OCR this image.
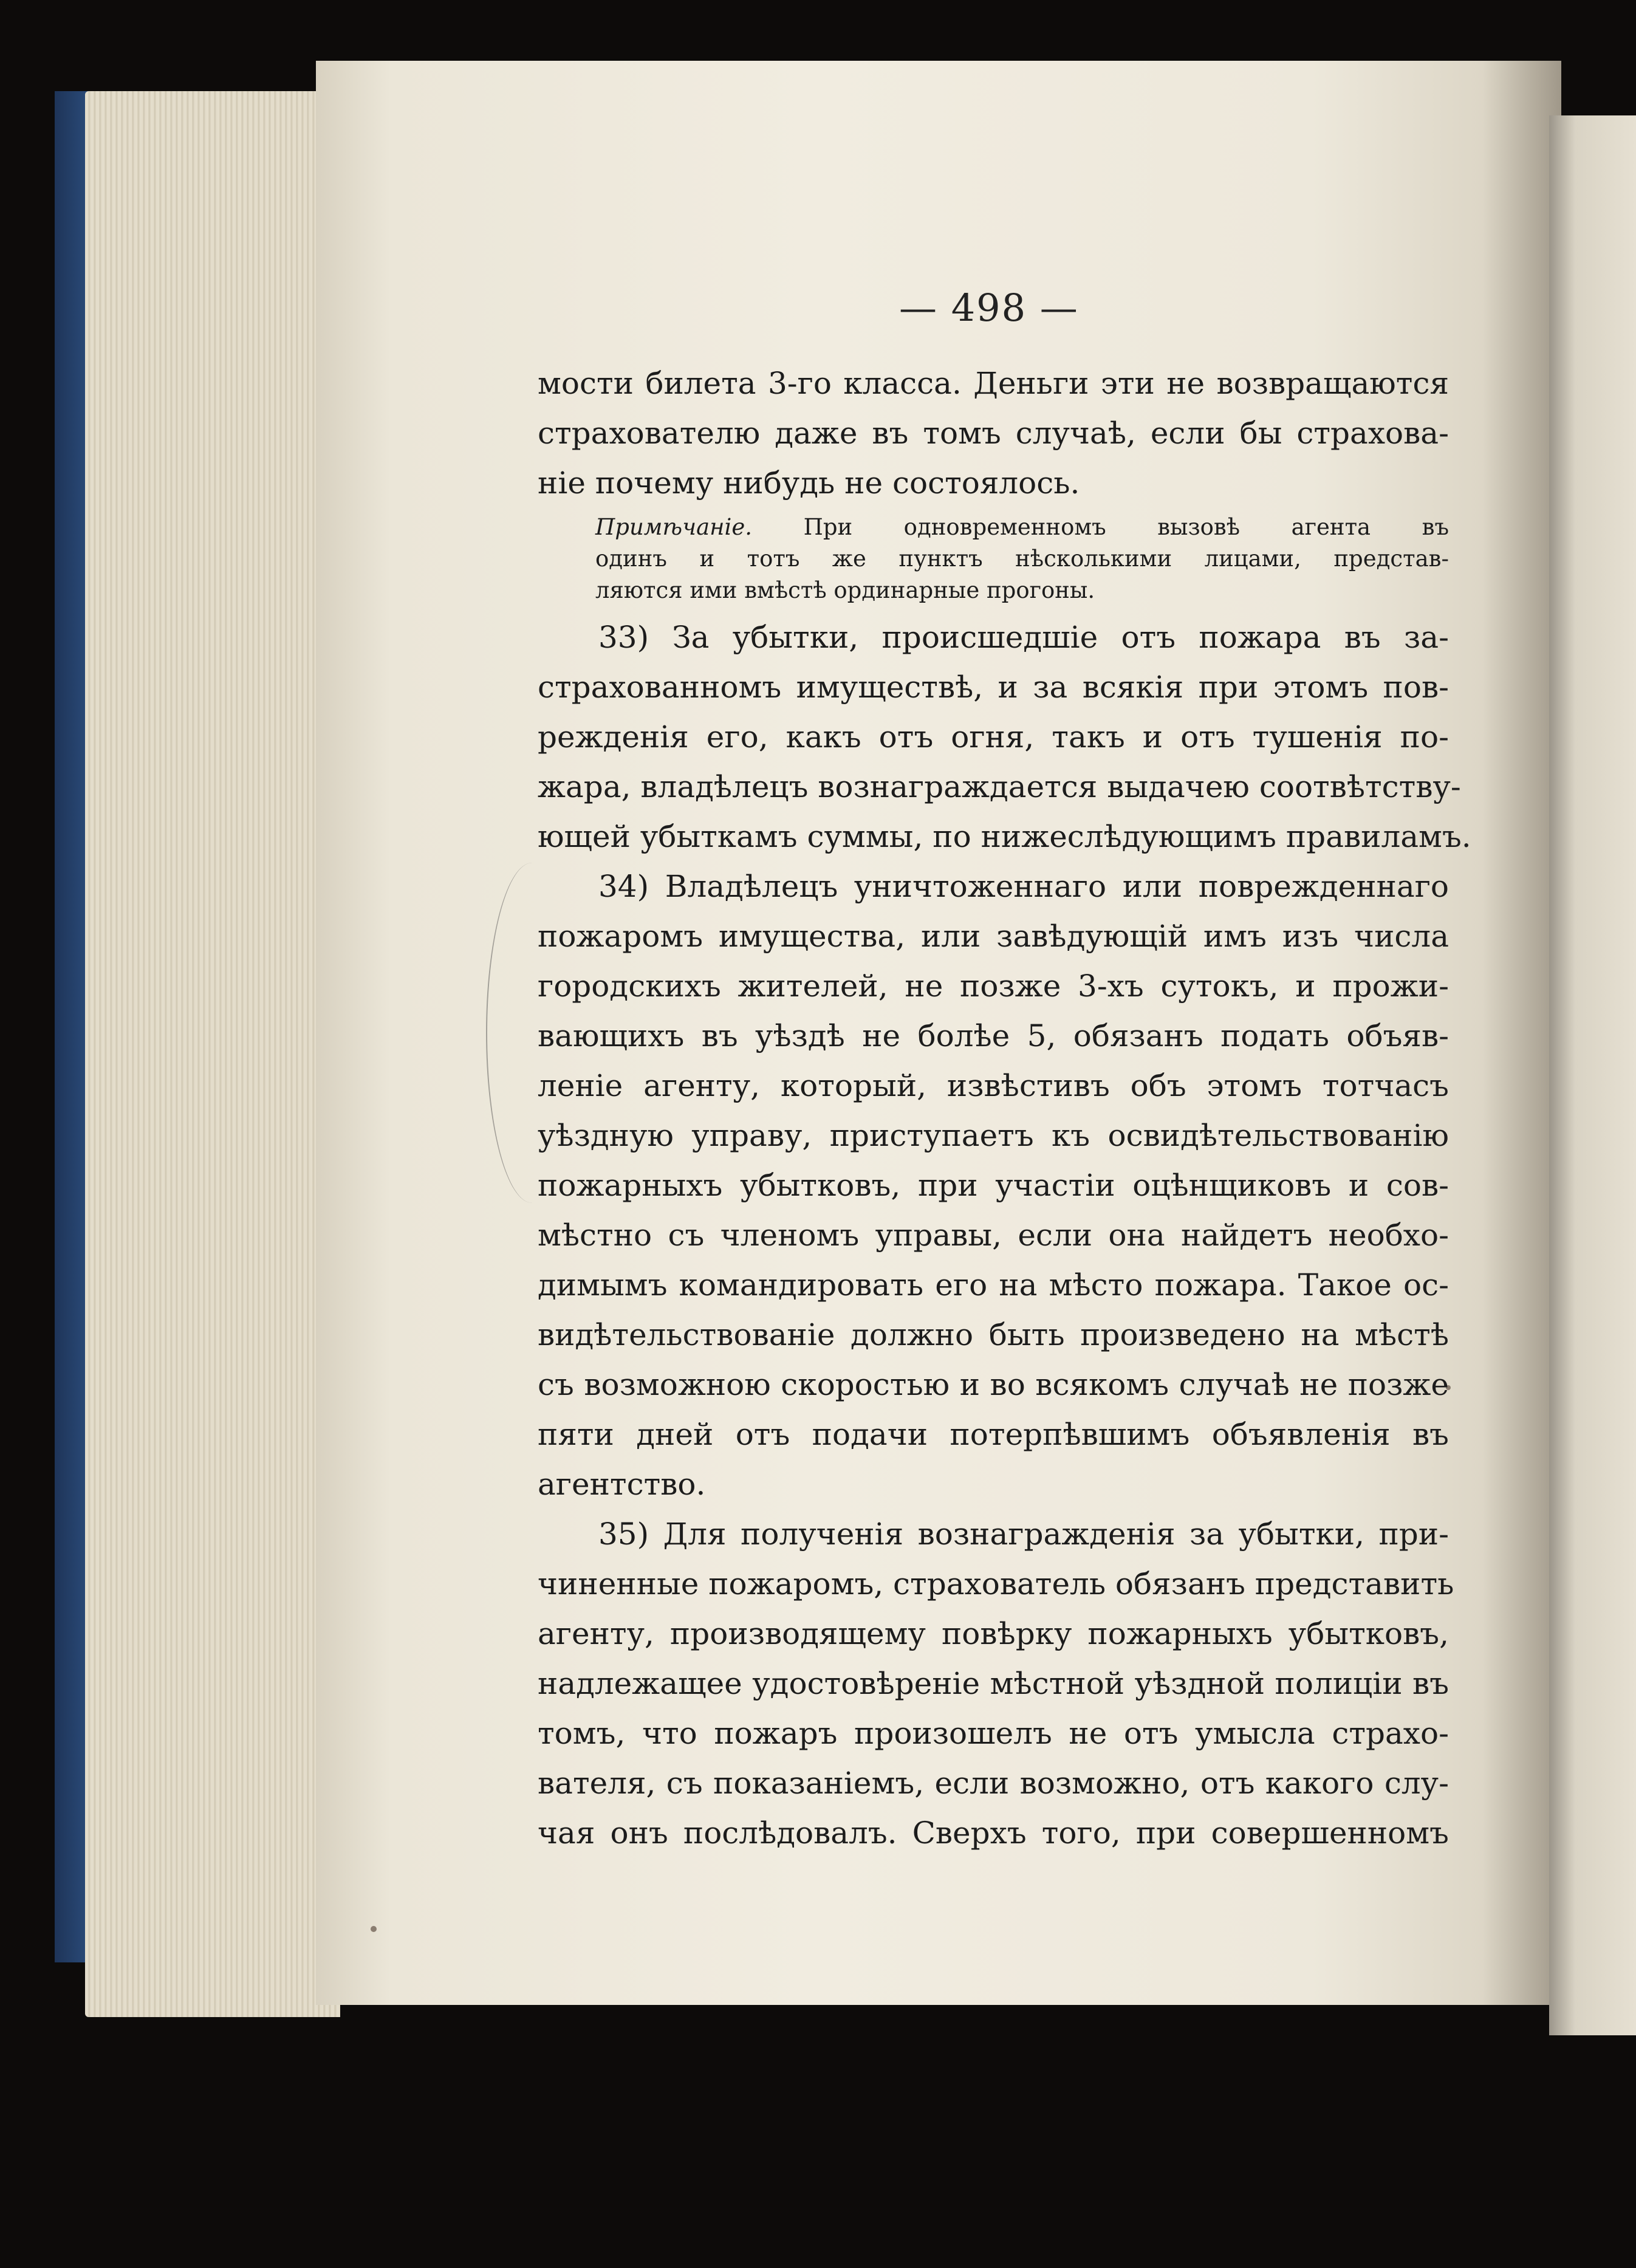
— 498 —
мости билета 3-го класса. Деньги эти не возвращаются
страхователю даже въ томъ случаѣ, если бы страхова-
нiе почему нибудь не состоялось.
Примѣчанiе. При одновременномъ вызовѣ агента въ
одинъ и тотъ же пунктъ нѣсколькими лицами, представ-
ляются ими вмѣстѣ ординарные прогоны.
33) За убытки, происшедшiе отъ пожара въ за-
страхованномъ имуществѣ, и за всякiя при этомъ пов-
режденiя его, какъ отъ огня, такъ и отъ тушенiя по-
жара, владѣлецъ вознаграждается выдачею соотвѣтству-
ющей убыткамъ суммы, по нижеслѣдующимъ правиламъ.
34) Владѣлецъ уничтоженнаго или поврежденнаго
пожаромъ имущества, или завѣдующiй имъ изъ числа
городскихъ жителей, не позже 3-хъ сутокъ, и прожи-
вающихъ въ уѣздѣ не болѣе 5, обязанъ подать объяв-
ленiе агенту, который, извѣстивъ объ этомъ тотчасъ
уѣздную управу, приступаетъ къ освидѣтельствованiю
пожарныхъ убытковъ, при участiи оцѣнщиковъ и сов-
мѣстно съ членомъ управы, если она найдетъ необхо-
димымъ командировать его на мѣсто пожара. Такое ос-
видѣтельствованiе должно быть произведено на мѣстѣ
съ возможною скоростью и во всякомъ случаѣ не позже
пяти дней отъ подачи потерпѣвшимъ объявленiя въ
агентство.
35) Для полученiя вознагражденiя за убытки, при-
чиненные пожаромъ, страхователь обязанъ представить
агенту, производящему повѣрку пожарныхъ убытковъ,
надлежащее удостовѣренiе мѣстной уѣздной полицiи въ
томъ, что пожаръ произошелъ не отъ умысла страхо-
вателя, съ показанiемъ, если возможно, отъ какого слу-
чая онъ послѣдовалъ. Сверхъ того, при совершенномъ
